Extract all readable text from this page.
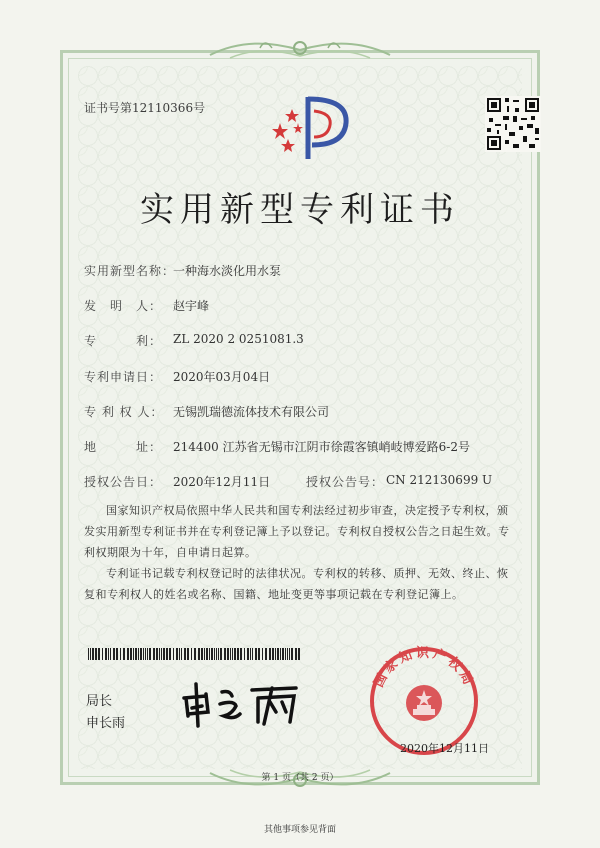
证书号第12110366号
实用新型专利证书
实用新型名称：
一种海水淡化用水泵
发　明　人： 赵宇峰
专　　　利： ZL 2020 2 0251081.3
专利申请日： 2020年03月04日
专 利 权 人： 无锡凯瑞德流体技术有限公司
地　　　址： 214400 江苏省无锡市江阴市徐霞客镇峭岐博爱路6-2号
授权公告日： 2020年12月11日	授权公告号： CN 212130699 U
国家知识产权局依照中华人民共和国专利法经过初步审查，决定授予专利权，颁发实用新型专利证书并在专利登记簿上予以登记。专利权自授权公告之日起生效。专利权期限为十年，自申请日起算。
专利证书记载专利权登记时的法律状况。专利权的转移、质押、无效、终止、恢复和专利权人的姓名或名称、国籍、地址变更等事项记载在专利登记簿上。
局长
申长雨
国家知识产权局
2020年12月11日
第 1 页（共 2 页）
其他事项参见背面
